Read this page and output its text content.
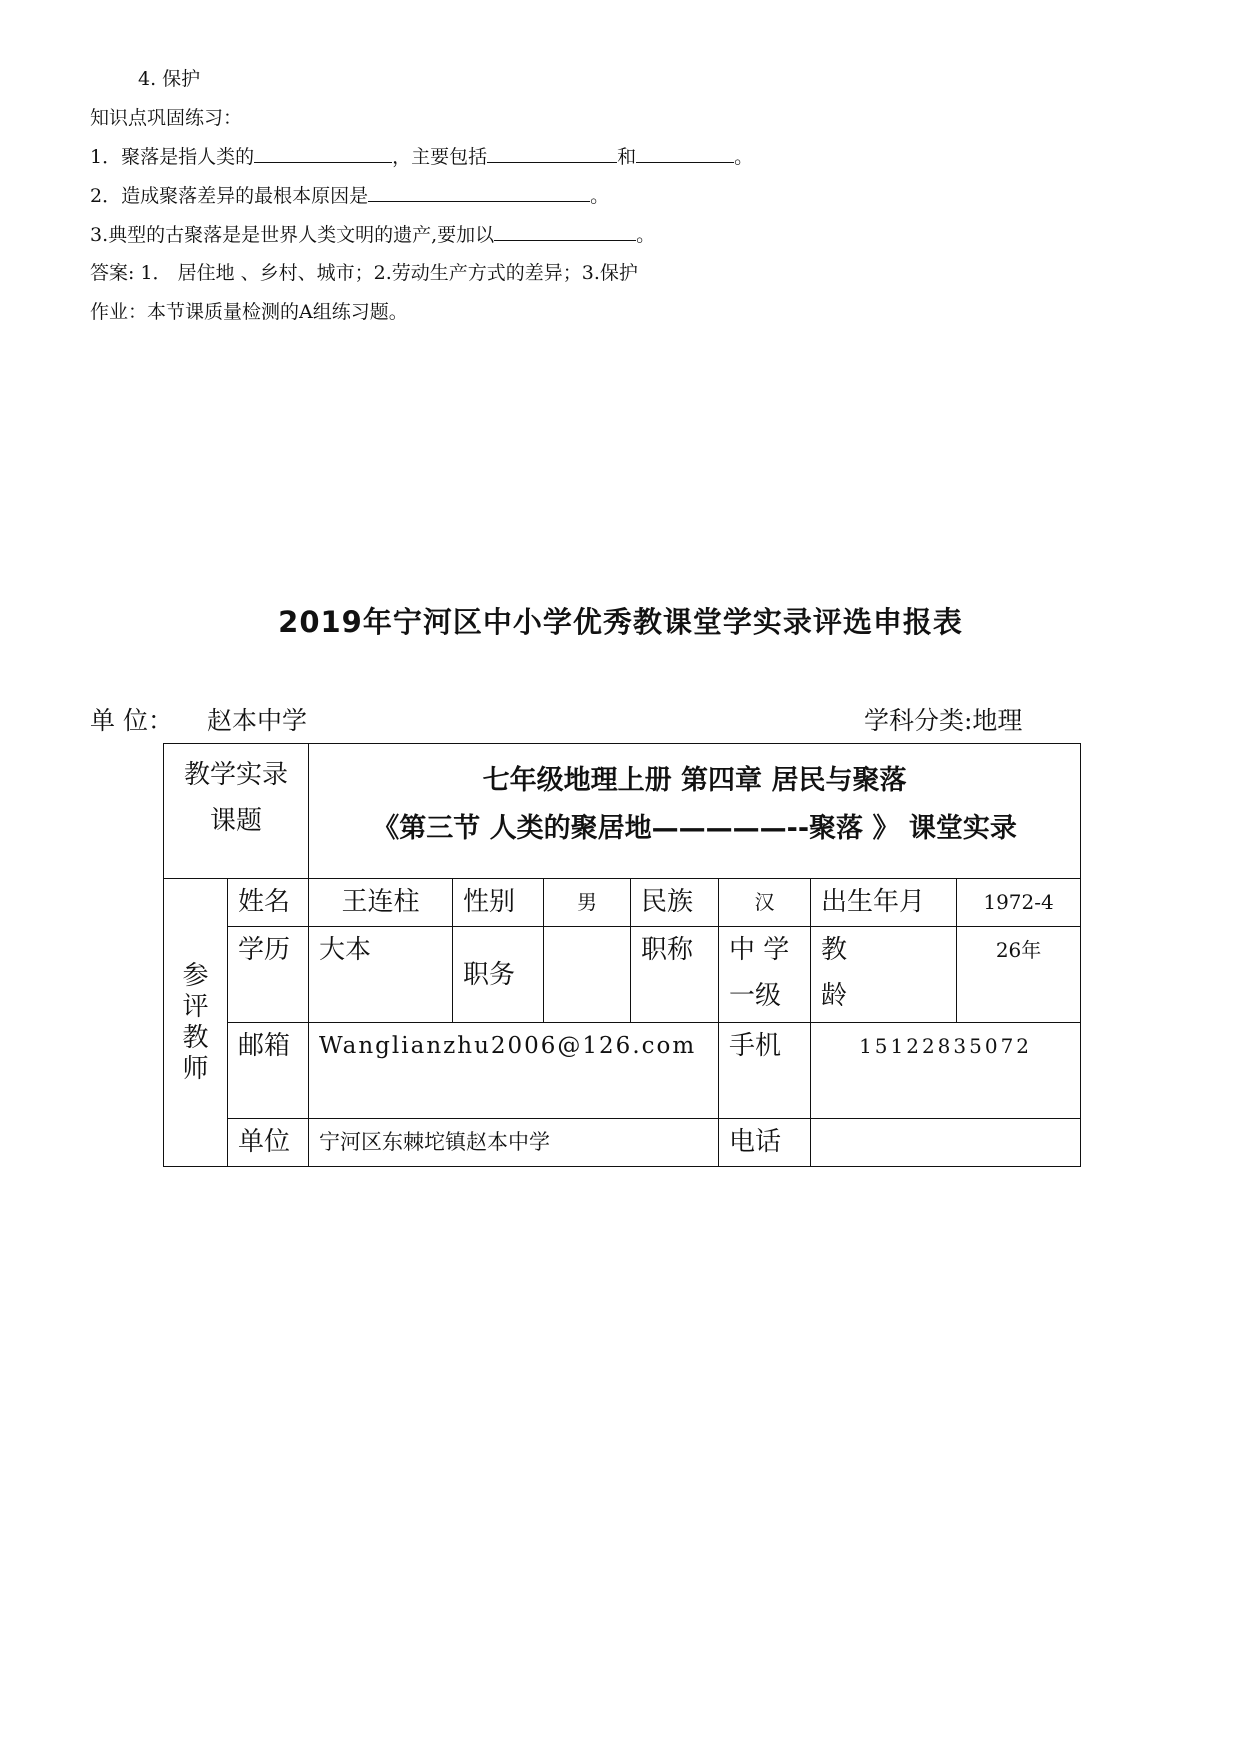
4. 保护
知识点巩固练习：
1．聚落是指人类的	，主要包括	和	。
2．造成聚落差异的最根本原因是	。
3.典型的古聚落是是世界人类文明的遗产,要加以	。
答案: 1． 居住地 、乡村、城市；2.劳动生产方式的差异；3.保护
作业：本节课质量检测的A组练习题。
2019年宁河区中小学优秀教课堂学实录评选申报表
单 位： 赵本中学	学科分类:地理
教学实录课题		七年级地理上册 第四章 居民与聚落
《第三节 人类的聚居地—————--聚落 》 课堂实录						

参评教师	姓名	王连柱	性别	男	民族	汉	出生年月	1972-4

	学历	大本	职务		职称	中 学 一级	教 龄	26年

	邮箱	Wanglianzhu2006@126.com				手机	15122835072	

	单位	宁河区东棘坨镇赵本中学				电话		
